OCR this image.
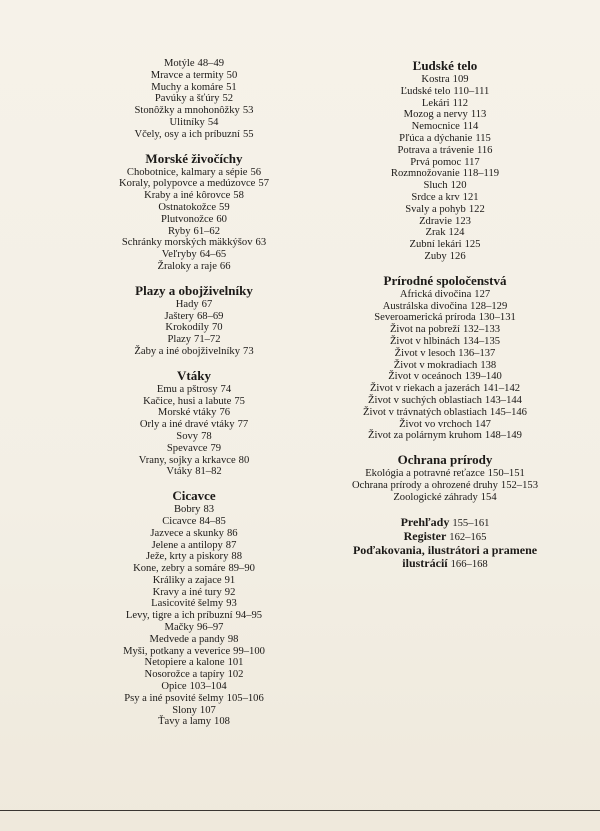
Motýle 48–49
Mravce a termity 50
Muchy a komáre 51
Pavúky a šťúry 52
Stonôžky a mnohonôžky 53
Ulitníky 54
Včely, osy a ich príbuzní 55
Morské živočíchy
Chobotnice, kalmary a sépie 56
Koraly, polypovce a medúzovce 57
Kraby a iné kôrovce 58
Ostnatokožce 59
Plutvonožce 60
Ryby 61–62
Schránky morských mäkkýšov 63
Veľryby 64–65
Žraloky a raje 66
Plazy a obojživelníky
Hady 67
Jaštery 68–69
Krokodíly 70
Plazy 71–72
Žaby a iné obojživelníky 73
Vtáky
Emu a pštrosy 74
Kačice, husi a labute 75
Morské vtáky 76
Orly a iné dravé vtáky 77
Sovy 78
Spevavce 79
Vrany, sojky a krkavce 80
Vtáky 81–82
Cicavce
Bobry 83
Cicavce 84–85
Jazvece a skunky 86
Jelene a antilopy 87
Ježe, krty a piskory 88
Kone, zebry a somáre 89–90
Králiky a zajace 91
Kravy a iné tury 92
Lasicovité šelmy 93
Levy, tigre a ich príbuzní 94–95
Mačky 96–97
Medvede a pandy 98
Myši, potkany a veverice 99–100
Netopiere a kalone 101
Nosorožce a tapíry 102
Opice 103–104
Psy a iné psovité šelmy 105–106
Slony 107
Ťavy a lamy 108
Ľudské telo
Kostra 109
Ľudské telo 110–111
Lekári 112
Mozog a nervy 113
Nemocnice 114
Pľúca a dýchanie 115
Potrava a trávenie 116
Prvá pomoc 117
Rozmnožovanie 118–119
Sluch 120
Srdce a krv 121
Svaly a pohyb 122
Zdravie 123
Zrak 124
Zubní lekári 125
Zuby 126
Prírodné spoločenstvá
Africká divočina 127
Austrálska divočina 128–129
Severoamerická príroda 130–131
Život na pobreží 132–133
Život v hlbinách 134–135
Život v lesoch 136–137
Život v mokradiach 138
Život v oceánoch 139–140
Život v riekach a jazerách 141–142
Život v suchých oblastiach 143–144
Život v trávnatých oblastiach 145–146
Život vo vrchoch 147
Život za polárnym kruhom 148–149
Ochrana prírody
Ekológia a potravné reťazce 150–151
Ochrana prírody a ohrozené druhy 152–153
Zoologické záhrady 154
Prehľady 155–161
Register 162–165
Poďakovania, ilustrátori a pramene
ilustrácií 166–168
